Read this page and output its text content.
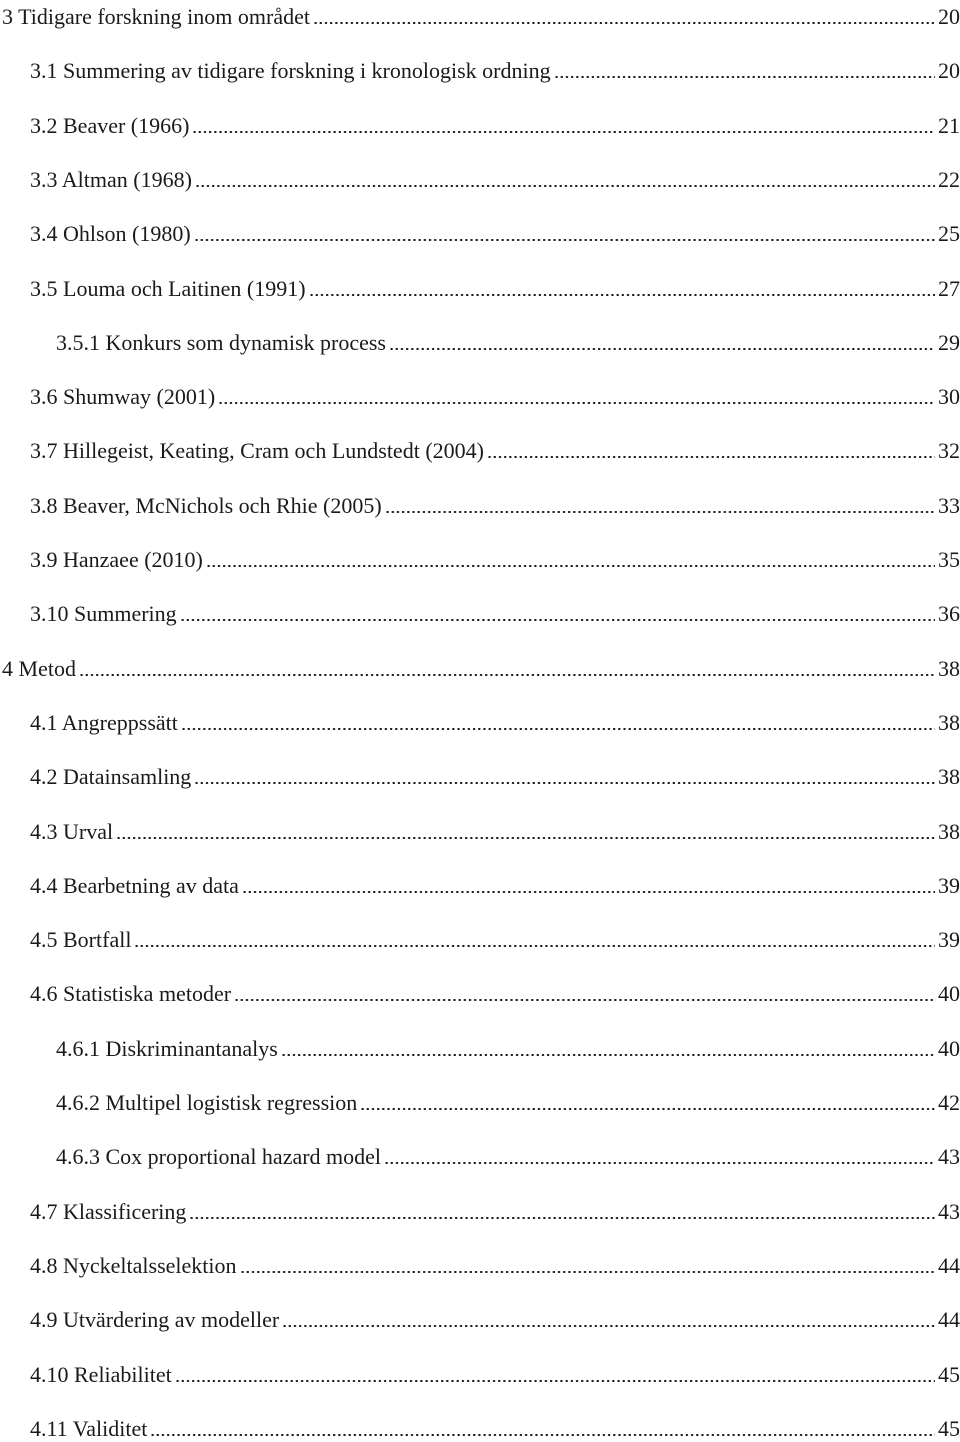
3 Tidigare forskning inom området	20
3.1 Summering av tidigare forskning i kronologisk ordning	20
3.2 Beaver (1966)	21
3.3 Altman (1968)	22
3.4 Ohlson (1980)	25
3.5 Louma och Laitinen (1991)	27
3.5.1 Konkurs som dynamisk process	29
3.6 Shumway (2001)	30
3.7 Hillegeist, Keating, Cram och Lundstedt (2004)	32
3.8 Beaver, McNichols och Rhie (2005)	33
3.9 Hanzaee (2010)	35
3.10 Summering	36
4 Metod	38
4.1 Angreppssätt	38
4.2 Datainsamling	38
4.3 Urval	38
4.4 Bearbetning av data	39
4.5 Bortfall	39
4.6 Statistiska metoder	40
4.6.1 Diskriminantanalys	40
4.6.2 Multipel logistisk regression	42
4.6.3 Cox proportional hazard model	43
4.7 Klassificering	43
4.8 Nyckeltalsselektion	44
4.9 Utvärdering av modeller	44
4.10 Reliabilitet	45
4.11 Validitet	45
